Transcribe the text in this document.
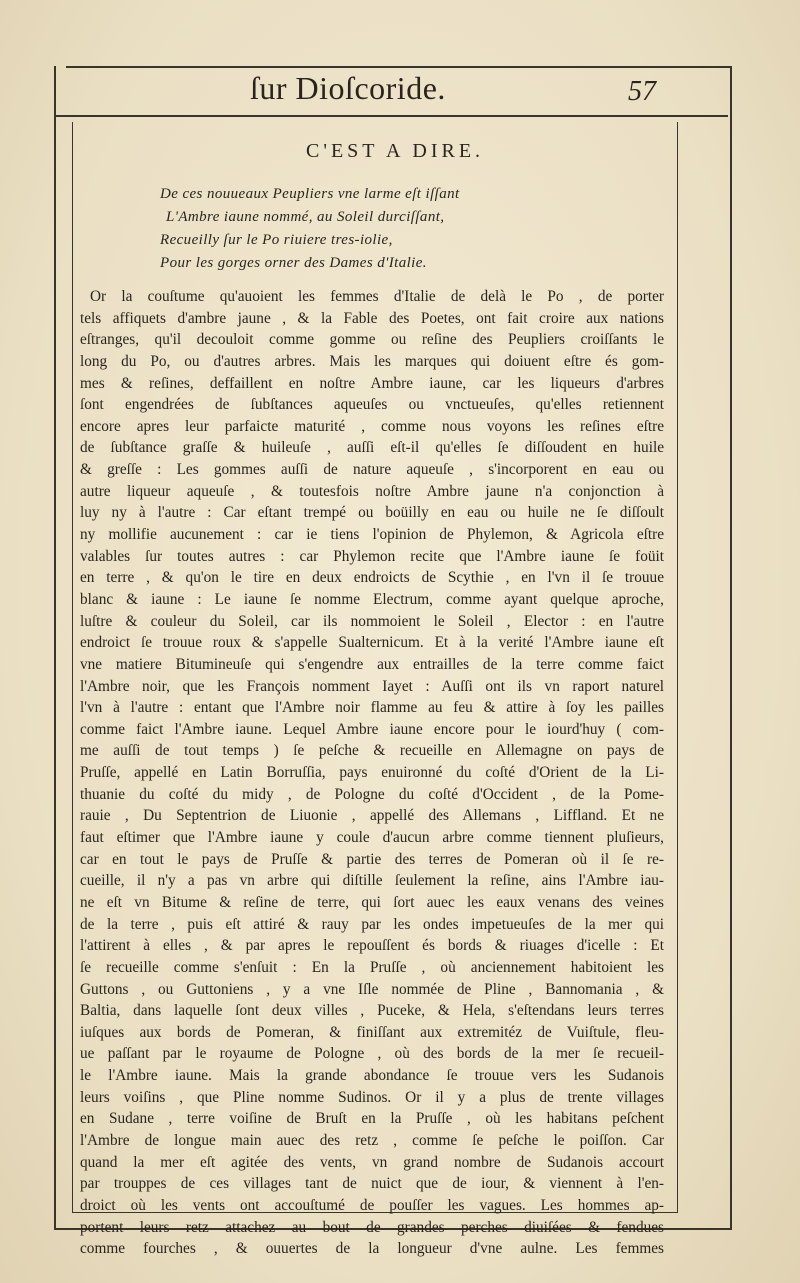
ſur Dioſcoride.	57
C'EST A DIRE.
De ces nouueaux Peupliers vne larme eſt iſſant
L'Ambre iaune nommé, au Soleil durciſſant,
Recueilly ſur le Po riuiere tres-iolie,
Pour les gorges orner des Dames d'Italie.
Or la couſtume qu'auoient les femmes d'Italie de delà le Po , de porter
tels affiquets d'ambre jaune , & la Fable des Poetes, ont fait croire aux nations
eſtranges, qu'il decouloit comme gomme ou reſine des Peupliers croiſſants le
long du Po, ou d'autres arbres. Mais les marques qui doiuent eſtre és gom-
mes & reſines, deffaillent en noſtre Ambre iaune, car les liqueurs d'arbres
ſont engendrées de ſubſtances aqueuſes ou vnctueuſes, qu'elles retiennent
encore apres leur parfaicte maturité , comme nous voyons les reſines eſtre
de ſubſtance graſſe & huileuſe , auſſi eſt-il qu'elles ſe diſſoudent en huile
& greſſe : Les gommes auſſi de nature aqueuſe , s'incorporent en eau ou
autre liqueur aqueuſe , & toutesfois noſtre Ambre jaune n'a conjonction à
luy ny à l'autre : Car eſtant trempé ou boüilly en eau ou huile ne ſe diſſoult
ny mollifie aucunement : car ie tiens l'opinion de Phylemon, & Agricola eſtre
valables ſur toutes autres : car Phylemon recite que l'Ambre iaune ſe foüit
en terre , & qu'on le tire en deux endroicts de Scythie , en l'vn il ſe trouue
blanc & iaune : Le iaune ſe nomme Electrum, comme ayant quelque aproche,
luſtre & couleur du Soleil, car ils nommoient le Soleil , Elector : en l'autre
endroict ſe trouue roux & s'appelle Sualternicum. Et à la verité l'Ambre iaune eſt
vne matiere Bitumineuſe qui s'engendre aux entrailles de la terre comme faict
l'Ambre noir, que les François nomment Iayet : Auſſi ont ils vn raport naturel
l'vn à l'autre : entant que l'Ambre noir flamme au feu & attire à ſoy les pailles
comme faict l'Ambre iaune. Lequel Ambre iaune encore pour le iourd'huy ( com-
me auſſi de tout temps ) ſe peſche & recueille en Allemagne on pays de
Pruſſe, appellé en Latin Borruſſia, pays enuironné du coſté d'Orient de la Li-
thuanie du coſté du midy , de Pologne du coſté d'Occident , de la Pome-
rauie , Du Septentrion de Liuonie , appellé des Allemans , Liffland. Et ne
faut eſtimer que l'Ambre iaune y coule d'aucun arbre comme tiennent pluſieurs,
car en tout le pays de Pruſſe & partie des terres de Pomeran où il ſe re-
cueille, il n'y a pas vn arbre qui diſtille ſeulement la reſine, ains l'Ambre iau-
ne eſt vn Bitume & reſine de terre, qui ſort auec les eaux venans des veines
de la terre , puis eſt attiré & rauy par les ondes impetueuſes de la mer qui
l'attirent à elles , & par apres le repouſſent és bords & riuages d'icelle : Et
ſe recueille comme s'enſuit : En la Pruſſe , où anciennement habitoient les
Guttons , ou Guttoniens , y a vne Iſle nommée de Pline , Bannomania , &
Baltia, dans laquelle ſont deux villes , Puceke, & Hela, s'eſtendans leurs terres
iuſques aux bords de Pomeran, & finiſſant aux extremitéz de Vuiſtule, fleu-
ue paſſant par le royaume de Pologne , où des bords de la mer ſe recueil-
le l'Ambre iaune. Mais la grande abondance ſe trouue vers les Sudanois
leurs voiſins , que Pline nomme Sudinos. Or il y a plus de trente villages
en Sudane , terre voiſine de Bruſt en la Pruſſe , où les habitans peſchent
l'Ambre de longue main auec des retz , comme ſe peſche le poiſſon. Car
quand la mer eſt agitée des vents, vn grand nombre de Sudanois accourt
par trouppes de ces villages tant de nuict que de iour, & viennent à l'en-
droict où les vents ont accouſtumé de pouſſer les vagues. Les hommes ap-
portent leurs retz attachez au bout de grandes perches diuiſées & fendues
comme fourches , & ouuertes de la longueur d'vne aulne. Les femmes
